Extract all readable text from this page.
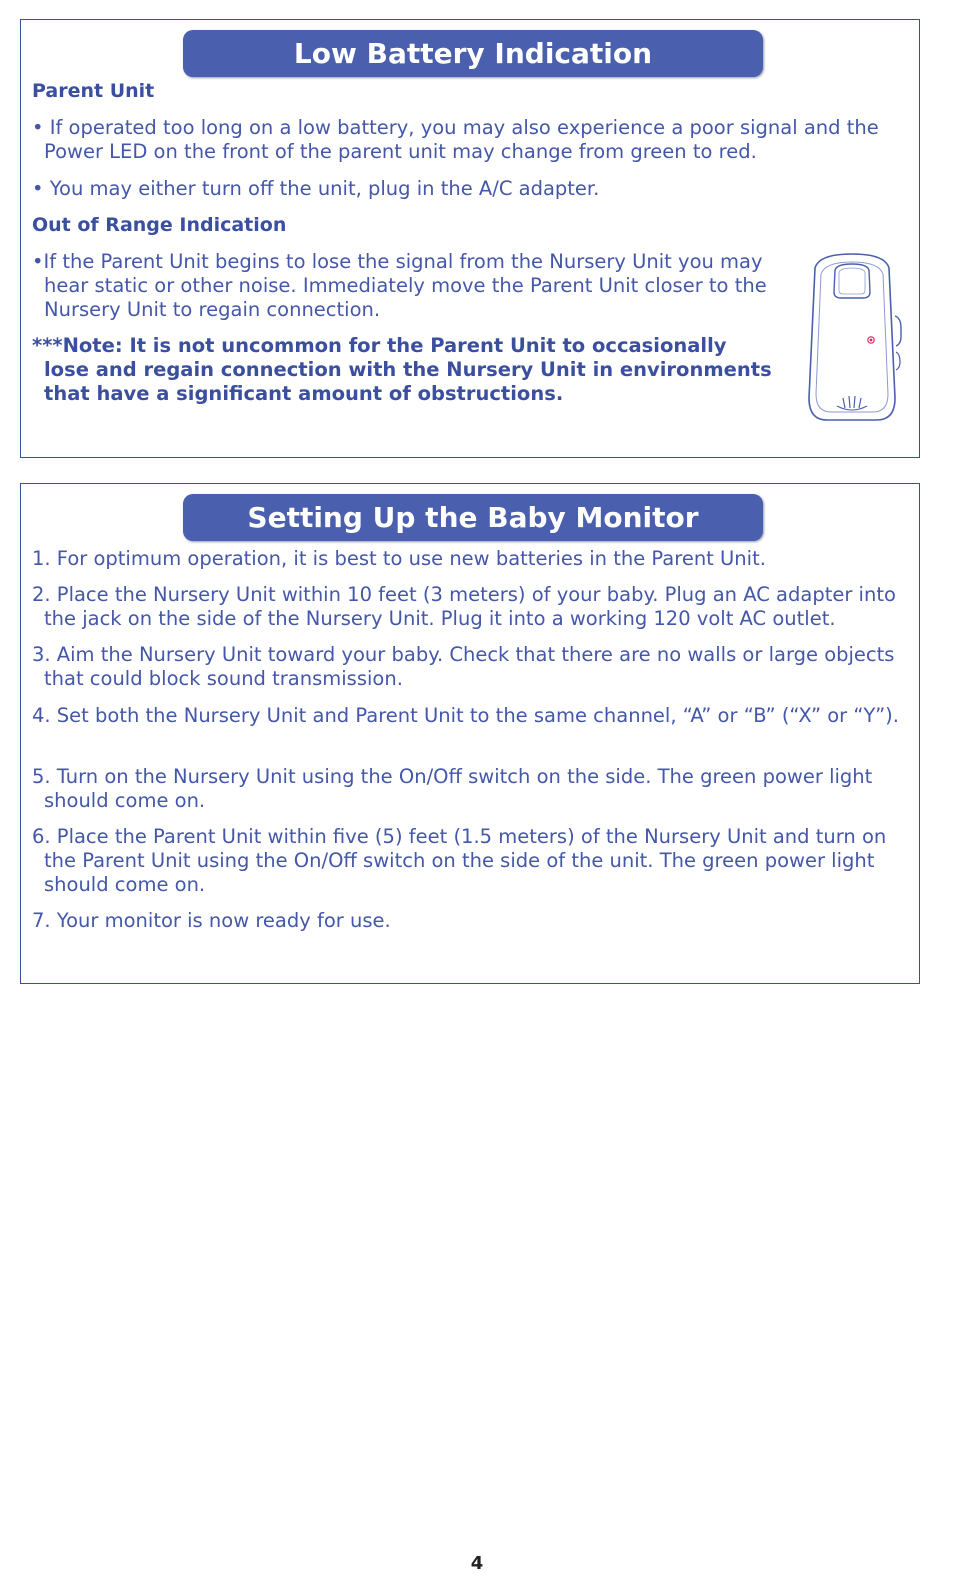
Low Battery Indication
Parent Unit

• If operated too long on a low battery, you may also experience a poor signal and the Power LED on the front of the parent unit may change from green to red.

• You may either turn off the unit, plug in the A/C adapter.

Out of Range Indication

•If the Parent Unit begins to lose the signal from the Nursery Unit you may hear static or other noise. Immediately move the Parent Unit closer to the Nursery Unit to regain connection.

***Note: It is not uncommon for the Parent Unit to occasionally lose and regain connection with the Nursery Unit in environments that have a significant amount of obstructions.

Setting Up the Baby Monitor

1. For optimum operation, it is best to use new batteries in the Parent Unit.

2. Place the Nursery Unit within 10 feet (3 meters) of your baby. Plug an AC adapter into the jack on the side of the Nursery Unit. Plug it into a working 120 volt AC outlet.

3. Aim the Nursery Unit toward your baby. Check that there are no walls or large objects that could block sound transmission.

4. Set both the Nursery Unit and Parent Unit to the same channel, “A” or “B” (“X” or “Y”).

5. Turn on the Nursery Unit using the On/Off switch on the side. The green power light should come on.

6. Place the Parent Unit within five (5) feet (1.5 meters) of the Nursery Unit and turn on the Parent Unit using the On/Off switch on the side of the unit. The green power light should come on.

7. Your monitor is now ready for use.

4
